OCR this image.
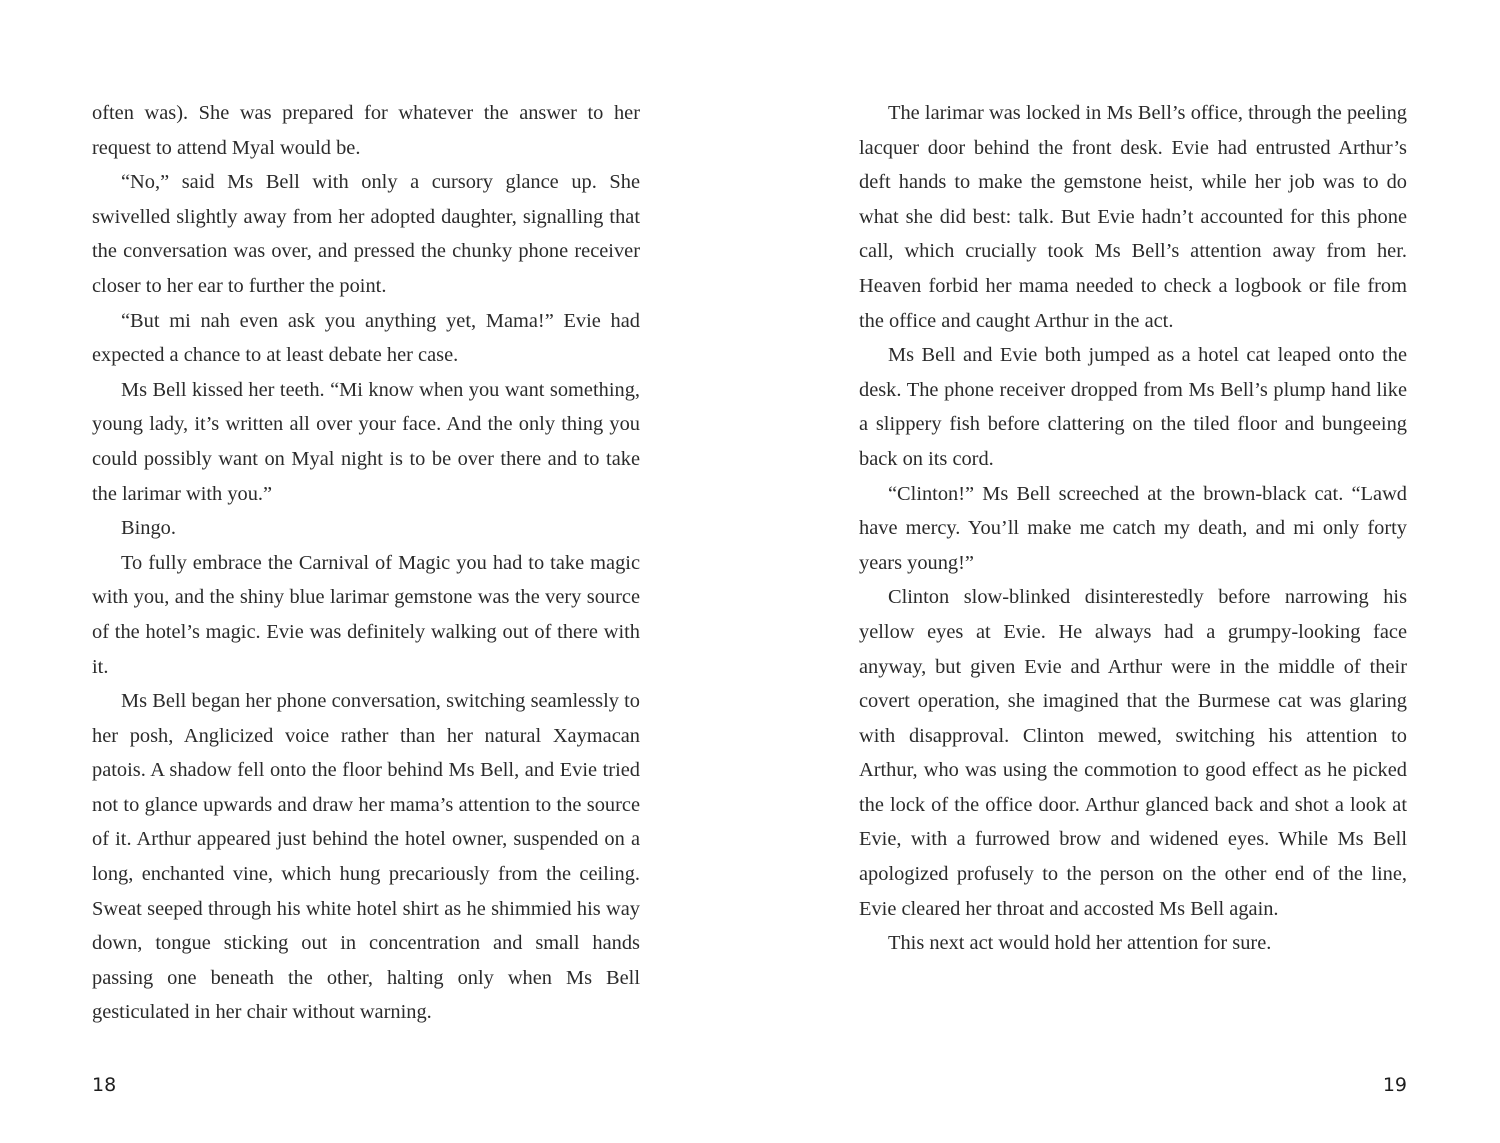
often was). She was prepared for whatever the answer to her request to attend Myal would be.

“No,” said Ms Bell with only a cursory glance up. She swivelled slightly away from her adopted daughter, signalling that the conversation was over, and pressed the chunky phone receiver closer to her ear to further the point.

“But mi nah even ask you anything yet, Mama!” Evie had expected a chance to at least debate her case.

Ms Bell kissed her teeth. “Mi know when you want something, young lady, it’s written all over your face. And the only thing you could possibly want on Myal night is to be over there and to take the larimar with you.”

Bingo.

To fully embrace the Carnival of Magic you had to take magic with you, and the shiny blue larimar gemstone was the very source of the hotel’s magic. Evie was definitely walking out of there with it.

Ms Bell began her phone conversation, switching seamlessly to her posh, Anglicized voice rather than her natural Xaymacan patois. A shadow fell onto the floor behind Ms Bell, and Evie tried not to glance upwards and draw her mama’s attention to the source of it. Arthur appeared just behind the hotel owner, suspended on a long, enchanted vine, which hung precariously from the ceiling. Sweat seeped through his white hotel shirt as he shimmied his way down, tongue sticking out in concentration and small hands passing one beneath the other, halting only when Ms Bell gesticulated in her chair without warning.

18

The larimar was locked in Ms Bell’s office, through the peeling lacquer door behind the front desk. Evie had entrusted Arthur’s deft hands to make the gemstone heist, while her job was to do what she did best: talk. But Evie hadn’t accounted for this phone call, which crucially took Ms Bell’s attention away from her. Heaven forbid her mama needed to check a logbook or file from the office and caught Arthur in the act.

Ms Bell and Evie both jumped as a hotel cat leaped onto the desk. The phone receiver dropped from Ms Bell’s plump hand like a slippery fish before clattering on the tiled floor and bungeeing back on its cord.

“Clinton!” Ms Bell screeched at the brown-black cat. “Lawd have mercy. You’ll make me catch my death, and mi only forty years young!”

Clinton slow-blinked disinterestedly before narrowing his yellow eyes at Evie. He always had a grumpy-looking face anyway, but given Evie and Arthur were in the middle of their covert operation, she imagined that the Burmese cat was glaring with disapproval. Clinton mewed, switching his attention to Arthur, who was using the commotion to good effect as he picked the lock of the office door. Arthur glanced back and shot a look at Evie, with a furrowed brow and widened eyes. While Ms Bell apologized profusely to the person on the other end of the line, Evie cleared her throat and accosted Ms Bell again.

This next act would hold her attention for sure.

19
